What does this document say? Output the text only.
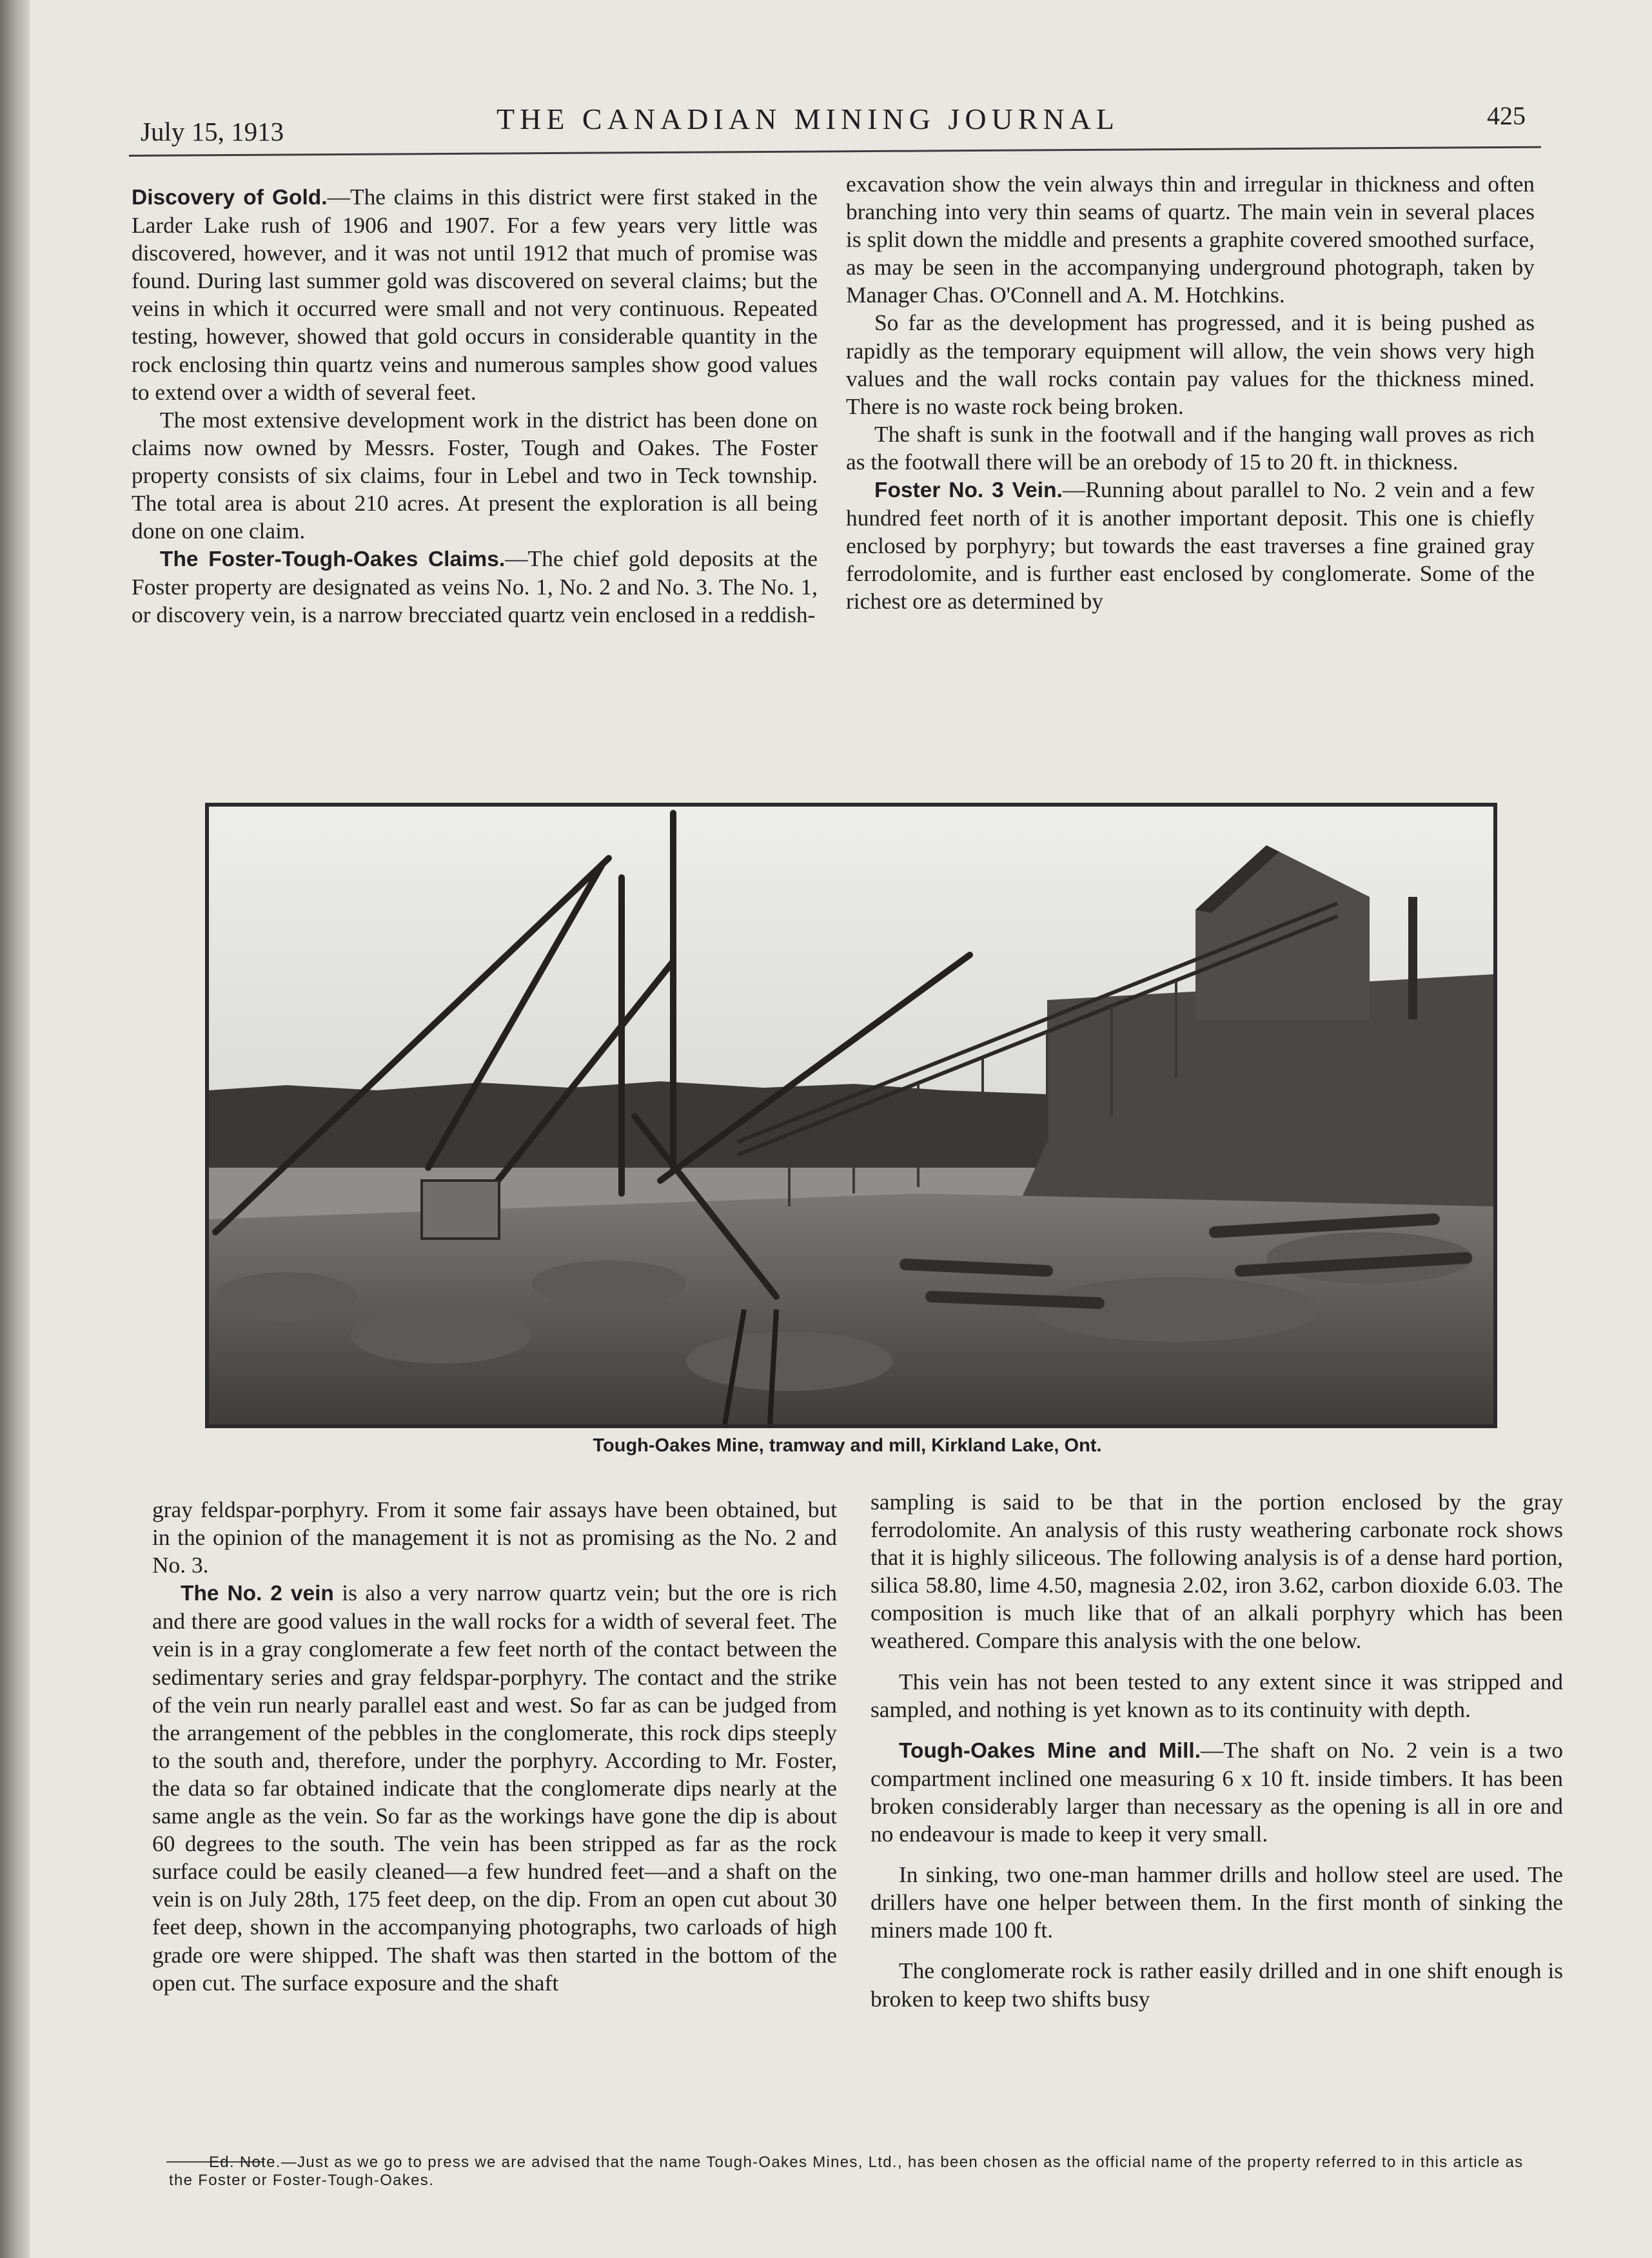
July 15, 1913	THE CANADIAN MINING JOURNAL	425

Discovery of Gold.—The claims in this district were first staked in the Larder Lake rush of 1906 and 1907. For a few years very little was discovered, however, and it was not until 1912 that much of promise was found. During last summer gold was discovered on several claims; but the veins in which it occurred were small and not very continuous. Repeated testing, however, showed that gold occurs in considerable quantity in the rock enclosing thin quartz veins and numerous samples show good values to extend over a width of several feet.

The most extensive development work in the district has been done on claims now owned by Messrs. Foster, Tough and Oakes. The Foster property consists of six claims, four in Lebel and two in Teck township. The total area is about 210 acres. At present the exploration is all being done on one claim.

The Foster-Tough-Oakes Claims.—The chief gold deposits at the Foster property are designated as veins No. 1, No. 2 and No. 3. The No. 1, or discovery vein, is a narrow brecciated quartz vein enclosed in a reddish-

excavation show the vein always thin and irregular in thickness and often branching into very thin seams of quartz. The main vein in several places is split down the middle and presents a graphite covered smoothed surface, as may be seen in the accompanying underground photograph, taken by Manager Chas. O'Connell and A. M. Hotchkins.

So far as the development has progressed, and it is being pushed as rapidly as the temporary equipment will allow, the vein shows very high values and the wall rocks contain pay values for the thickness mined. There is no waste rock being broken.

The shaft is sunk in the footwall and if the hanging wall proves as rich as the footwall there will be an orebody of 15 to 20 ft. in thickness.

Foster No. 3 Vein.—Running about parallel to No. 2 vein and a few hundred feet north of it is another important deposit. This one is chiefly enclosed by porphyry; but towards the east traverses a fine grained gray ferrodolomite, and is further east enclosed by conglomerate. Some of the richest ore as determined by

Tough-Oakes Mine, tramway and mill, Kirkland Lake, Ont.

gray feldspar-porphyry. From it some fair assays have been obtained, but in the opinion of the management it is not as promising as the No. 2 and No. 3.

The No. 2 vein is also a very narrow quartz vein; but the ore is rich and there are good values in the wall rocks for a width of several feet. The vein is in a gray conglomerate a few feet north of the contact between the sedimentary series and gray feldspar-porphyry. The contact and the strike of the vein run nearly parallel east and west. So far as can be judged from the arrangement of the pebbles in the conglomerate, this rock dips steeply to the south and, therefore, under the porphyry. According to Mr. Foster, the data so far obtained indicate that the conglomerate dips nearly at the same angle as the vein. So far as the workings have gone the dip is about 60 degrees to the south. The vein has been stripped as far as the rock surface could be easily cleaned—a few hundred feet—and a shaft on the vein is on July 28th, 175 feet deep, on the dip. From an open cut about 30 feet deep, shown in the accompanying photographs, two carloads of high grade ore were shipped. The shaft was then started in the bottom of the open cut. The surface exposure and the shaft

sampling is said to be that in the portion enclosed by the gray ferrodolomite. An analysis of this rusty weathering carbonate rock shows that it is highly siliceous. The following analysis is of a dense hard portion, silica 58.80, lime 4.50, magnesia 2.02, iron 3.62, carbon dioxide 6.03. The composition is much like that of an alkali porphyry which has been weathered. Compare this analysis with the one below.

This vein has not been tested to any extent since it was stripped and sampled, and nothing is yet known as to its continuity with depth.

Tough-Oakes Mine and Mill.—The shaft on No. 2 vein is a two compartment inclined one measuring 6 x 10 ft. inside timbers. It has been broken considerably larger than necessary as the opening is all in ore and no endeavour is made to keep it very small.

In sinking, two one-man hammer drills and hollow steel are used. The drillers have one helper between them. In the first month of sinking the miners made 100 ft.

The conglomerate rock is rather easily drilled and in one shift enough is broken to keep two shifts busy

Ed. Note.—Just as we go to press we are advised that the name Tough-Oakes Mines, Ltd., has been chosen as the official name of the property referred to in this article as the Foster or Foster-Tough-Oakes.
